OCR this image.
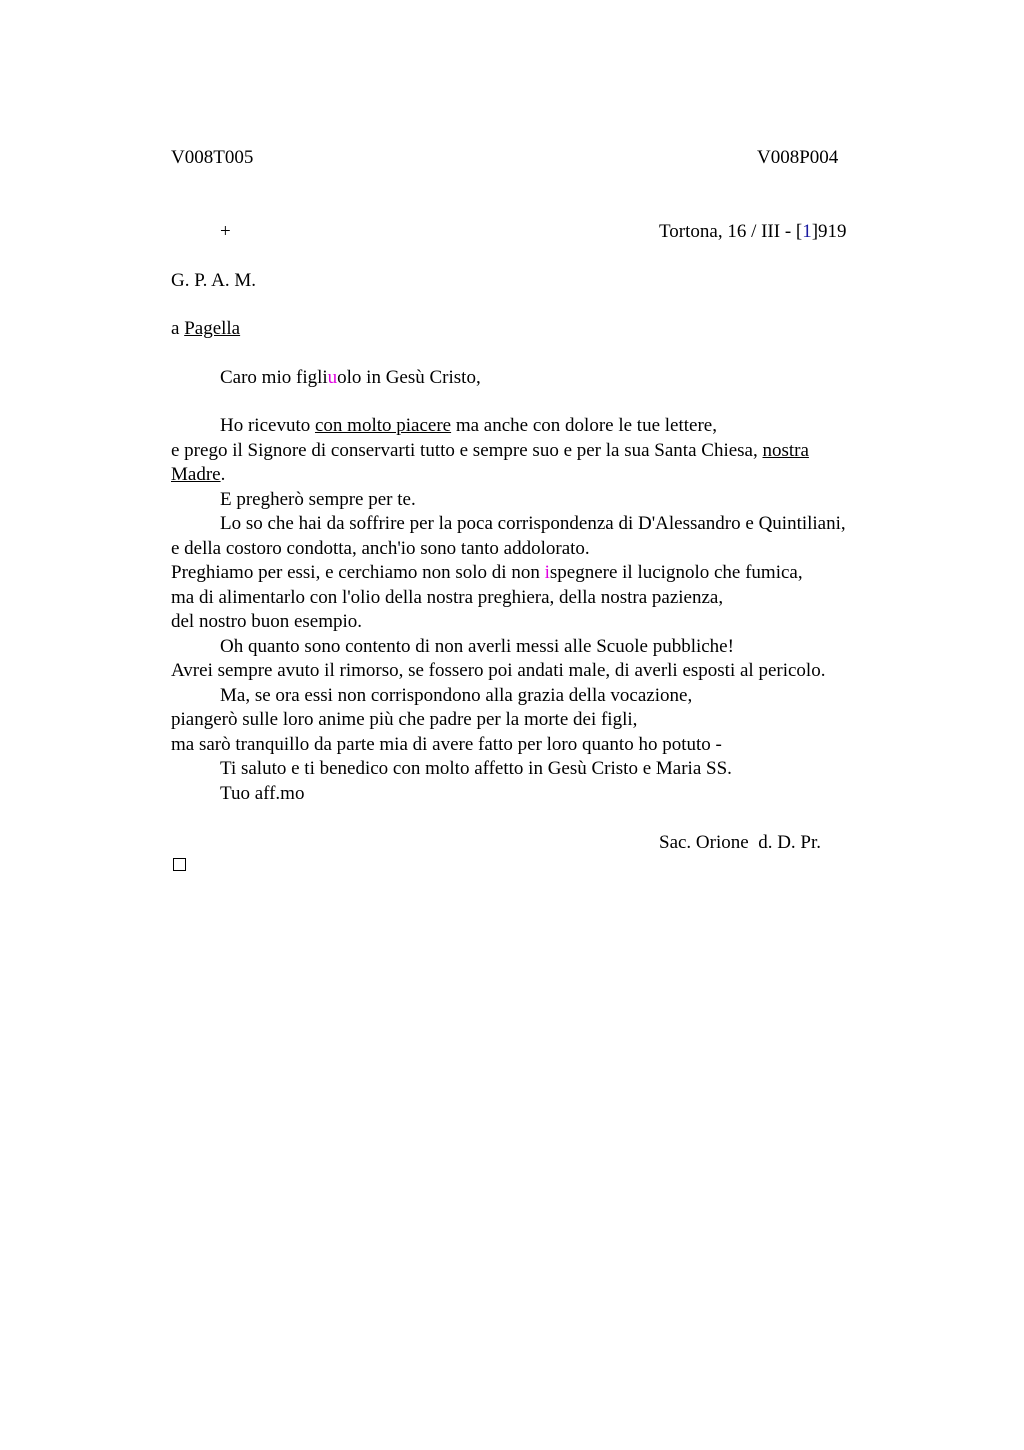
V008T005	V008P004
+	Tortona, 16 / III - [1]919
G. P. A. M.
a Pagella
Caro mio figliuolo in Gesù Cristo,
Ho ricevuto con molto piacere ma anche con dolore le tue lettere,
e prego il Signore di conservarti tutto e sempre suo e per la sua Santa Chiesa, nostra
Madre.
E pregherò sempre per te.
Lo so che hai da soffrire per la poca corrispondenza di D'Alessandro e Quintiliani,
e della costoro condotta, anch'io sono tanto addolorato.
Preghiamo per essi, e cerchiamo non solo di non ispegnere il lucignolo che fumica,
ma di alimentarlo con l'olio della nostra preghiera, della nostra pazienza,
del nostro buon esempio.
Oh quanto sono contento di non averli messi alle Scuole pubbliche!
Avrei sempre avuto il rimorso, se fossero poi andati male, di averli esposti al pericolo.
Ma, se ora essi non corrispondono alla grazia della vocazione,
piangerò sulle loro anime più che padre per la morte dei figli,
ma sarò tranquillo da parte mia di avere fatto per loro quanto ho potuto -
Ti saluto e ti benedico con molto affetto in Gesù Cristo e Maria SS.
Tuo aff.mo
Sac. Orione  d. D. Pr.
